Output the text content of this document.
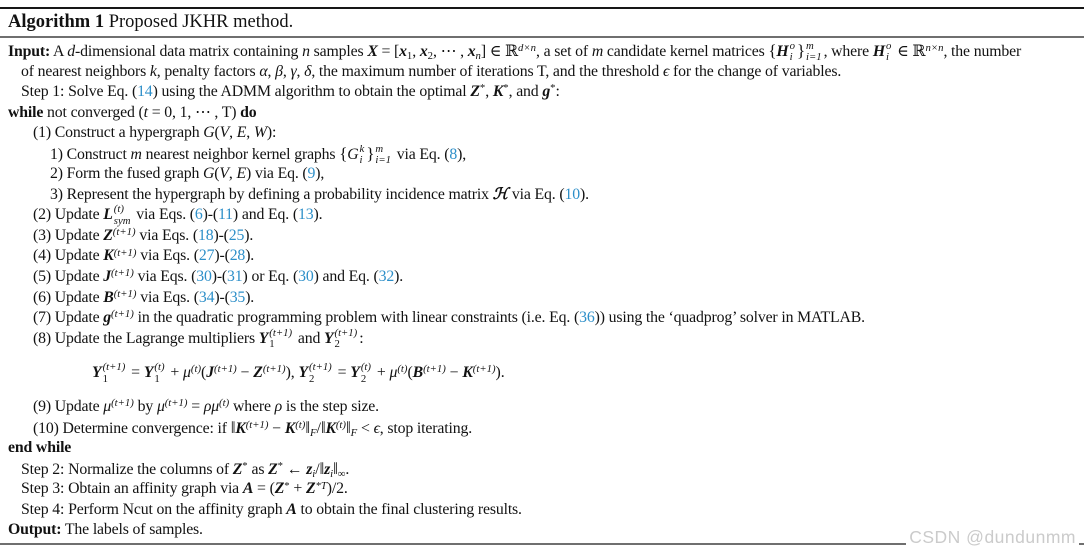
Algorithm 1 Proposed JKHR method.
Input: A d-dimensional data matrix containing n samples X = [x1, x2, ⋯ , xn] ∈ ℝ$^{d\times n}$, a set of m candidate kernel matrices {H o
i } m
i=1 , where H o
i ∈ ℝ$^{n\times n}$, the number
of nearest neighbors k, penalty factors α, β, γ, δ, the maximum number of iterations T, and the threshold ϵ for the change of variables.
Step 1: Solve Eq. (14) using the ADMM algorithm to obtain the optimal Z*, K*, and g*:
while not converged (t = 0, 1, ⋯ , T) do
(1) Construct a hypergraph G(V, E, W):
1) Construct m nearest neighbor kernel graphs {G k
i } m
i=1 via Eq. (8),
2) Form the fused graph G(V, E) via Eq. (9),
3) Represent the hypergraph by defining a probability incidence matrix ℋ via Eq. (10).
(2) Update L (t)
sym via Eqs. (6)-(11) and Eq. (13).
(3) Update $Z^{(t+1)}$ via Eqs. (18)-(25).
(4) Update $K^{(t+1)}$ via Eqs. (27)-(28).
(5) Update $J^{(t+1)}$ via Eqs. (30)-(31) or Eq. (30) and Eq. (32).
(6) Update $B^{(t+1)}$ via Eqs. (34)-(35).
(7) Update $g^{(t+1)}$ in the quadratic programming problem with linear constraints (i.e. Eq. (36)) using the ‘quadprog’ solver in MATLAB.
(8) Update the Lagrange multipliers Y (t+1)
1 and Y (t+1)
2 :
Y (t+1)
1 = Y (t)
$1 + \mu^{(t)}(J^{(t+1)} - Z^{(t+1)})$, Y (t+1)
2 = Y (t)
$2 + \mu^{(t)}(B^{(t+1)} - K^{(t+1)})$.
(9) Update $\mu^{(t+1)}$ by $\mu^{(t+1)} = \rho\mu^{(t)}$ where ρ is the step size.
(10) Determine convergence: if $‖K^{(t+1)}$ − $K^{(t)}‖F/‖K^{(t)}‖F < \epsilon$, stop iterating.
end while
Step 2: Normalize the columns of Z* as Z* ← zi/‖zi‖∞.
Step 3: Obtain an affinity graph via $A = (Z^* + Z^{*T})/2$.
Step 4: Perform Ncut on the affinity graph A to obtain the final clustering results.
Output: The labels of samples.	CSDN @dundunmm
